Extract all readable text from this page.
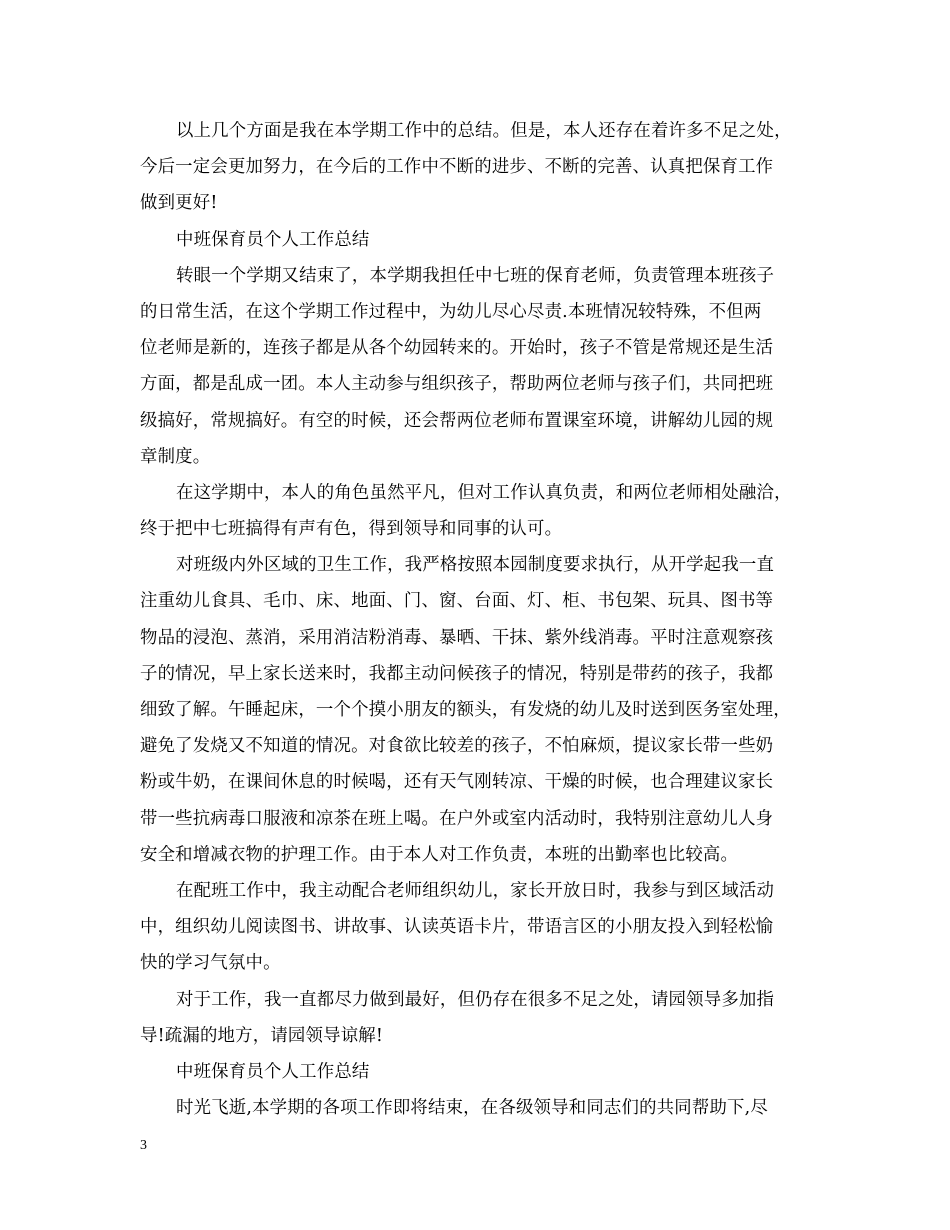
以上几个方面是我在本学期工作中的总结。但是，本人还存在着许多不足之处，
今后一定会更加努力，在今后的工作中不断的进步、不断的完善、认真把保育工作
做到更好!
中班保育员个人工作总结
转眼一个学期又结束了，本学期我担任中七班的保育老师，负责管理本班孩子
的日常生活，在这个学期工作过程中，为幼儿尽心尽责.本班情况较特殊，不但两
位老师是新的，连孩子都是从各个幼园转来的。开始时，孩子不管是常规还是生活
方面，都是乱成一团。本人主动参与组织孩子，帮助两位老师与孩子们，共同把班
级搞好，常规搞好。有空的时候，还会帮两位老师布置课室环境，讲解幼儿园的规
章制度。
在这学期中，本人的角色虽然平凡，但对工作认真负责，和两位老师相处融洽，
终于把中七班搞得有声有色，得到领导和同事的认可。
对班级内外区域的卫生工作，我严格按照本园制度要求执行，从开学起我一直
注重幼儿食具、毛巾、床、地面、门、窗、台面、灯、柜、书包架、玩具、图书等
物品的浸泡、蒸消，采用消洁粉消毒、暴晒、干抹、紫外线消毒。平时注意观察孩
子的情况，早上家长送来时，我都主动问候孩子的情况，特别是带药的孩子，我都
细致了解。午睡起床，一个个摸小朋友的额头，有发烧的幼儿及时送到医务室处理，
避免了发烧又不知道的情况。对食欲比较差的孩子，不怕麻烦，提议家长带一些奶
粉或牛奶，在课间休息的时候喝，还有天气刚转凉、干燥的时候，也合理建议家长
带一些抗病毒口服液和凉茶在班上喝。在户外或室内活动时，我特别注意幼儿人身
安全和增减衣物的护理工作。由于本人对工作负责，本班的出勤率也比较高。
在配班工作中，我主动配合老师组织幼儿，家长开放日时，我参与到区域活动
中，组织幼儿阅读图书、讲故事、认读英语卡片，带语言区的小朋友投入到轻松愉
快的学习气氛中。
对于工作，我一直都尽力做到最好，但仍存在很多不足之处，请园领导多加指
导!疏漏的地方，请园领导谅解!
中班保育员个人工作总结
时光飞逝,本学期的各项工作即将结束，在各级领导和同志们的共同帮助下,尽
3
